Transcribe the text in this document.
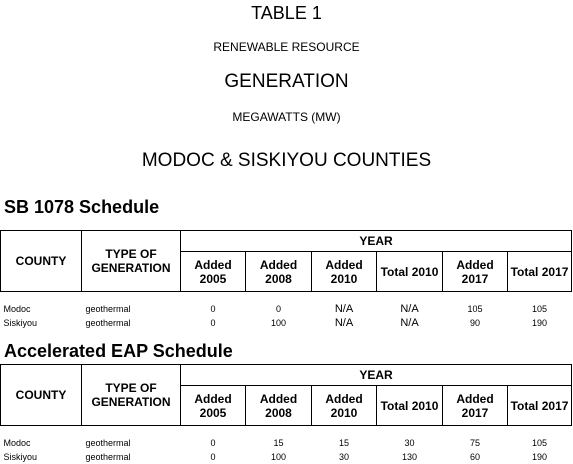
TABLE 1
RENEWABLE RESOURCE
GENERATION
MEGAWATTS (MW)
MODOC & SISKIYOU COUNTIES
SB 1078 Schedule
COUNTY	TYPE OF GENERATION	YEAR					
		Added 2005	Added 2008	Added 2010	Total 2010	Added 2017	Total 2017

Modoc	geothermal	0	0	N/A	N/A	105	105
Siskiyou	geothermal	0	100	N/A	N/A	90	190
Accelerated EAP Schedule
COUNTY	TYPE OF GENERATION	YEAR					
		Added 2005	Added 2008	Added 2010	Total 2010	Added 2017	Total 2017

Modoc	geothermal	0	15	15	30	75	105
Siskiyou	geothermal	0	100	30	130	60	190
